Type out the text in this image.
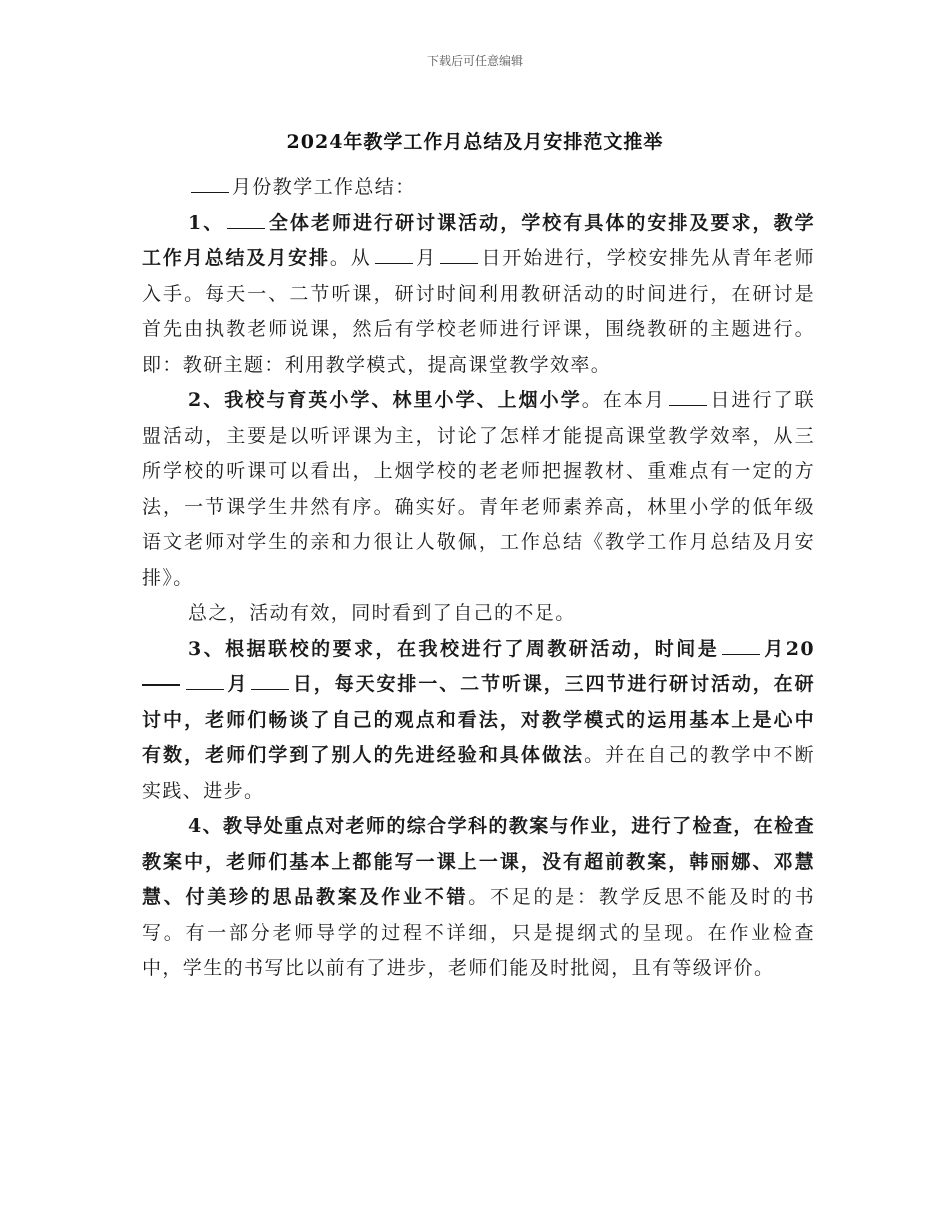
下载后可任意编辑
2024年教学工作月总结及月安排范文推举

月份教学工作总结：

1、 全体老师进行研讨课活动，学校有具体的安排及要求，教学工作月总结及月安排。从 月 日开始进行，学校安排先从青年老师入手。每天一、二节听课，研讨时间利用教研活动的时间进行，在研讨是首先由执教老师说课，然后有学校老师进行评课，围绕教研的主题进行。即：教研主题：利用教学模式，提高课堂教学效率。

2、我校与育英小学、林里小学、上烟小学。在本月 日进行了联盟活动，主要是以听评课为主，讨论了怎样才能提高课堂教学效率，从三所学校的听课可以看出，上烟学校的老老师把握教材、重难点有一定的方法，一节课学生井然有序。确实好。青年老师素养高，林里小学的低年级语文老师对学生的亲和力很让人敬佩，工作总结《教学工作月总结及月安排》。

总之，活动有效，同时看到了自己的不足。

3、根据联校的要求，在我校进行了周教研活动，时间是 月20月 日，每天安排一、二节听课，三四节进行研讨活动，在研讨中，老师们畅谈了自己的观点和看法，对教学模式的运用基本上是心中有数，老师们学到了别人的先进经验和具体做法。并在自己的教学中不断实践、进步。

4、教导处重点对老师的综合学科的教案与作业，进行了检查，在检查教案中，老师们基本上都能写一课上一课，没有超前教案，韩丽娜、邓慧慧、付美珍的思品教案及作业不错。不足的是：教学反思不能及时的书写。有一部分老师导学的过程不详细，只是提纲式的呈现。在作业检查中，学生的书写比以前有了进步，老师们能及时批阅，且有等级评价。
